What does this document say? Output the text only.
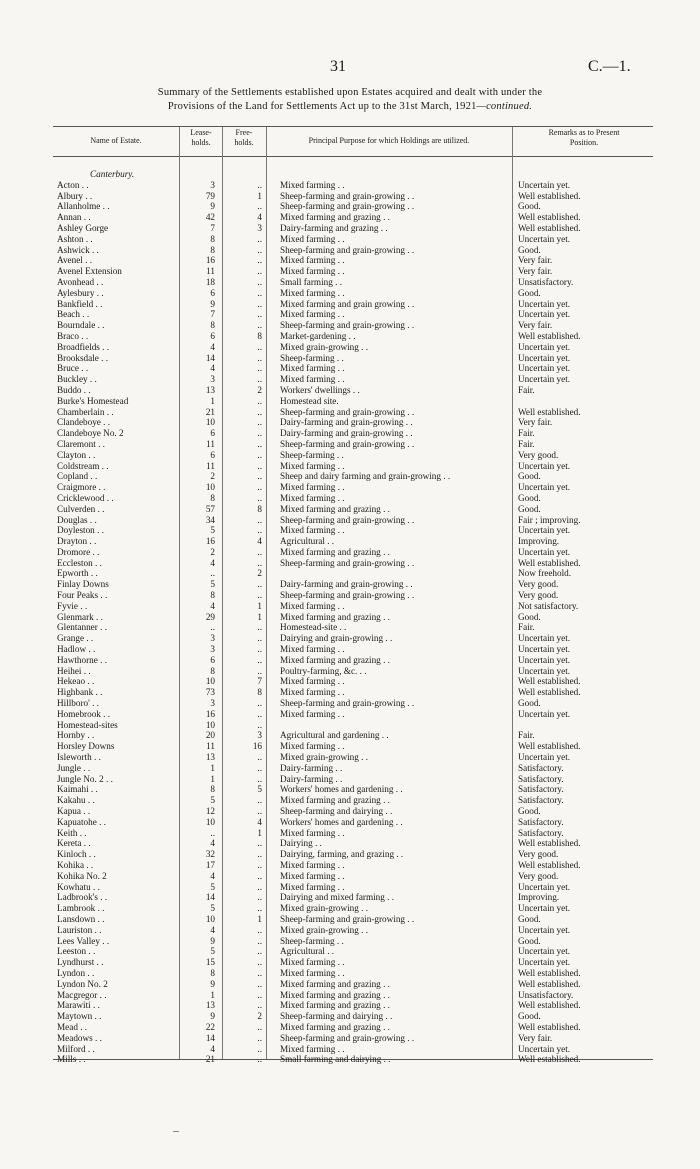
31	C.—1.
Summary of the Settlements established upon Estates acquired and dealt with under the
Provisions of the Land for Settlements Act up to the 31st March, 1921—continued.
Name of Estate.
Lease-
holds.
Free-
holds.	Principal Purpose for which Holdings are utilized.
Remarks as to Present
Position.
Canterbury.
Acton . .	3	.. Mixed farming . .	Uncertain yet.
Albury . .	79	1 Sheep-farming and grain-growing . .	Well established.
Allanholme . .	9	.. Sheep-farming and grain-growing . .	Good.
Annan . .	42	4 Mixed farming and grazing . .	Well established.
Ashley Gorge	7	3 Dairy-farming and grazing . .	Well established.
Ashton . .	8	.. Mixed farming . .	Uncertain yet.
Ashwick . .	8	.. Sheep-farming and grain-growing . .	Good.
Avenel . .	16	.. Mixed farming . .	Very fair.
Avenel Extension	11	.. Mixed farming . .	Very fair.
Avonhead . .	18	.. Small farming . .	Unsatisfactory.
Aylesbury . .	6	.. Mixed farming . .	Good.
Bankfield . .	9	.. Mixed farming and grain growing . .	Uncertain yet.
Beach . .	7	.. Mixed farming . .	Uncertain yet.
Bourndale . .	8	.. Sheep-farming and grain-growing . .	Very fair.
Braco . .	6	8 Market-gardening . .	Well established.
Broadfields . .	4	.. Mixed grain-growing . .	Uncertain yet.
Brooksdale . .	14	.. Sheep-farming . .	Uncertain yet.
Bruce . .	4	.. Mixed farming . .	Uncertain yet.
Buckley . .	3	.. Mixed farming . .	Uncertain yet.
Buddo . .	13	2 Workers' dwellings . .	Fair.
Burke's Homestead	1	.. Homestead site.
Chamberlain . .	21	.. Sheep-farming and grain-growing . .	Well established.
Clandeboye . .	10	.. Dairy-farming and grain-growing . .	Very fair.
Clandeboye No. 2	6	.. Dairy-farming and grain-growing . .	Fair.
Claremont . .	11	.. Sheep-farming and grain-growing . .	Fair.
Clayton . .	6	.. Sheep-farming . .	Very good.
Coldstream . .	11	.. Mixed farming . .	Uncertain yet.
Copland . .	2	.. Sheep and dairy farming and grain-growing . .	Good.
Craigmore . .	10	.. Mixed farming . .	Uncertain yet.
Cricklewood . .	8	.. Mixed farming . .	Good.
Culverden . .	57	8 Mixed farming and grazing . .	Good.
Douglas . .	34	.. Sheep-farming and grain-growing . .	Fair ; improving.
Doyleston . .	5	.. Mixed farming . .	Uncertain yet.
Drayton . .	16	4 Agricultural . .	Improving.
Dromore . .	2	.. Mixed farming and grazing . .	Uncertain yet.
Eccleston . .	4	.. Sheep-farming and grain-growing . .	Well established.
Epworth . .	..	2	Now freehold.
Finlay Downs	5	.. Dairy-farming and grain-growing . .	Very good.
Four Peaks . .	8	.. Sheep-farming and grain-growing . .	Very good.
Fyvie . .	4	1 Mixed farming . .	Not satisfactory.
Glenmark . .	29	1 Mixed farming and grazing . .	Good.
Glentanner . .	..	.. Homestead-site . .	Fair.
Grange . .	3	.. Dairying and grain-growing . .	Uncertain yet.
Hadlow . .	3	.. Mixed farming . .	Uncertain yet.
Hawthorne . .	6	.. Mixed farming and grazing . .	Uncertain yet.
Heihei . .	8	.. Poultry-farming, &c. . .	Uncertain yet.
Hekeao . .	10	7 Mixed farming . .	Well established.
Highbank . .	73	8 Mixed farming . .	Well established.
Hillboro' . .	3	.. Sheep-farming and grain-growing . .	Good.
Homebrook . .	16	.. Mixed farming . .	Uncertain yet.
Homestead-sites	10	..
Hornby . .	20	3 Agricultural and gardening . .	Fair.
Horsley Downs	11	16 Mixed farming . .	Well established.
Isleworth . .	13	.. Mixed grain-growing . .	Uncertain yet.
Jungle . .	1	.. Dairy-farming . .	Satisfactory.
Jungle No. 2 . .	1	.. Dairy-farming . .	Satisfactory.
Kaimahi . .	8	5 Workers' homes and gardening . .	Satisfactory.
Kakahu . .	5	.. Mixed farming and grazing . .	Satisfactory.
Kapua . .	12	.. Sheep-farming and dairying . .	Good.
Kapuatohe . .	10	4 Workers' homes and gardening . .	Satisfactory.
Keith . .	..	1 Mixed farming . .	Satisfactory.
Kereta . .	4	.. Dairying . .	Well established.
Kinloch . .	32	.. Dairying, farming, and grazing . .	Very good.
Kohika . .	17	.. Mixed farming . .	Well established.
Kohika No. 2	4	.. Mixed farming . .	Very good.
Kowhatu . .	5	.. Mixed farming . .	Uncertain yet.
Ladbrook's . .	14	.. Dairying and mixed farming . .	Improving.
Lambrook . .	5	.. Mixed grain-growing . .	Uncertain yet.
Lansdown . .	10	1 Sheep-farming and grain-growing . .	Good.
Lauriston . .	4	.. Mixed grain-growing . .	Uncertain yet.
Lees Valley . .	9	.. Sheep-farming . .	Good.
Leeston . .	5	.. Agricultural . .	Uncertain yet.
Lyndhurst . .	15	.. Mixed farming . .	Uncertain yet.
Lyndon . .	8	.. Mixed farming . .	Well established.
Lyndon No. 2	9	.. Mixed farming and grazing . .	Well established.
Macgregor . .	1	.. Mixed farming and grazing . .	Unsatisfactory.
Marawiti . .	13	.. Mixed farming and grazing . .	Well established.
Maytown . .	9	2 Sheep-farming and dairying . .	Good.
Mead . .	22	.. Mixed farming and grazing . .	Well established.
Meadows . .	14	.. Sheep-farming and grain-growing . .	Very fair.
Milford . .	4	.. Mixed farming . .	Uncertain yet.
Mills . .	21	.. Small farming and dairying . .	Well established.
